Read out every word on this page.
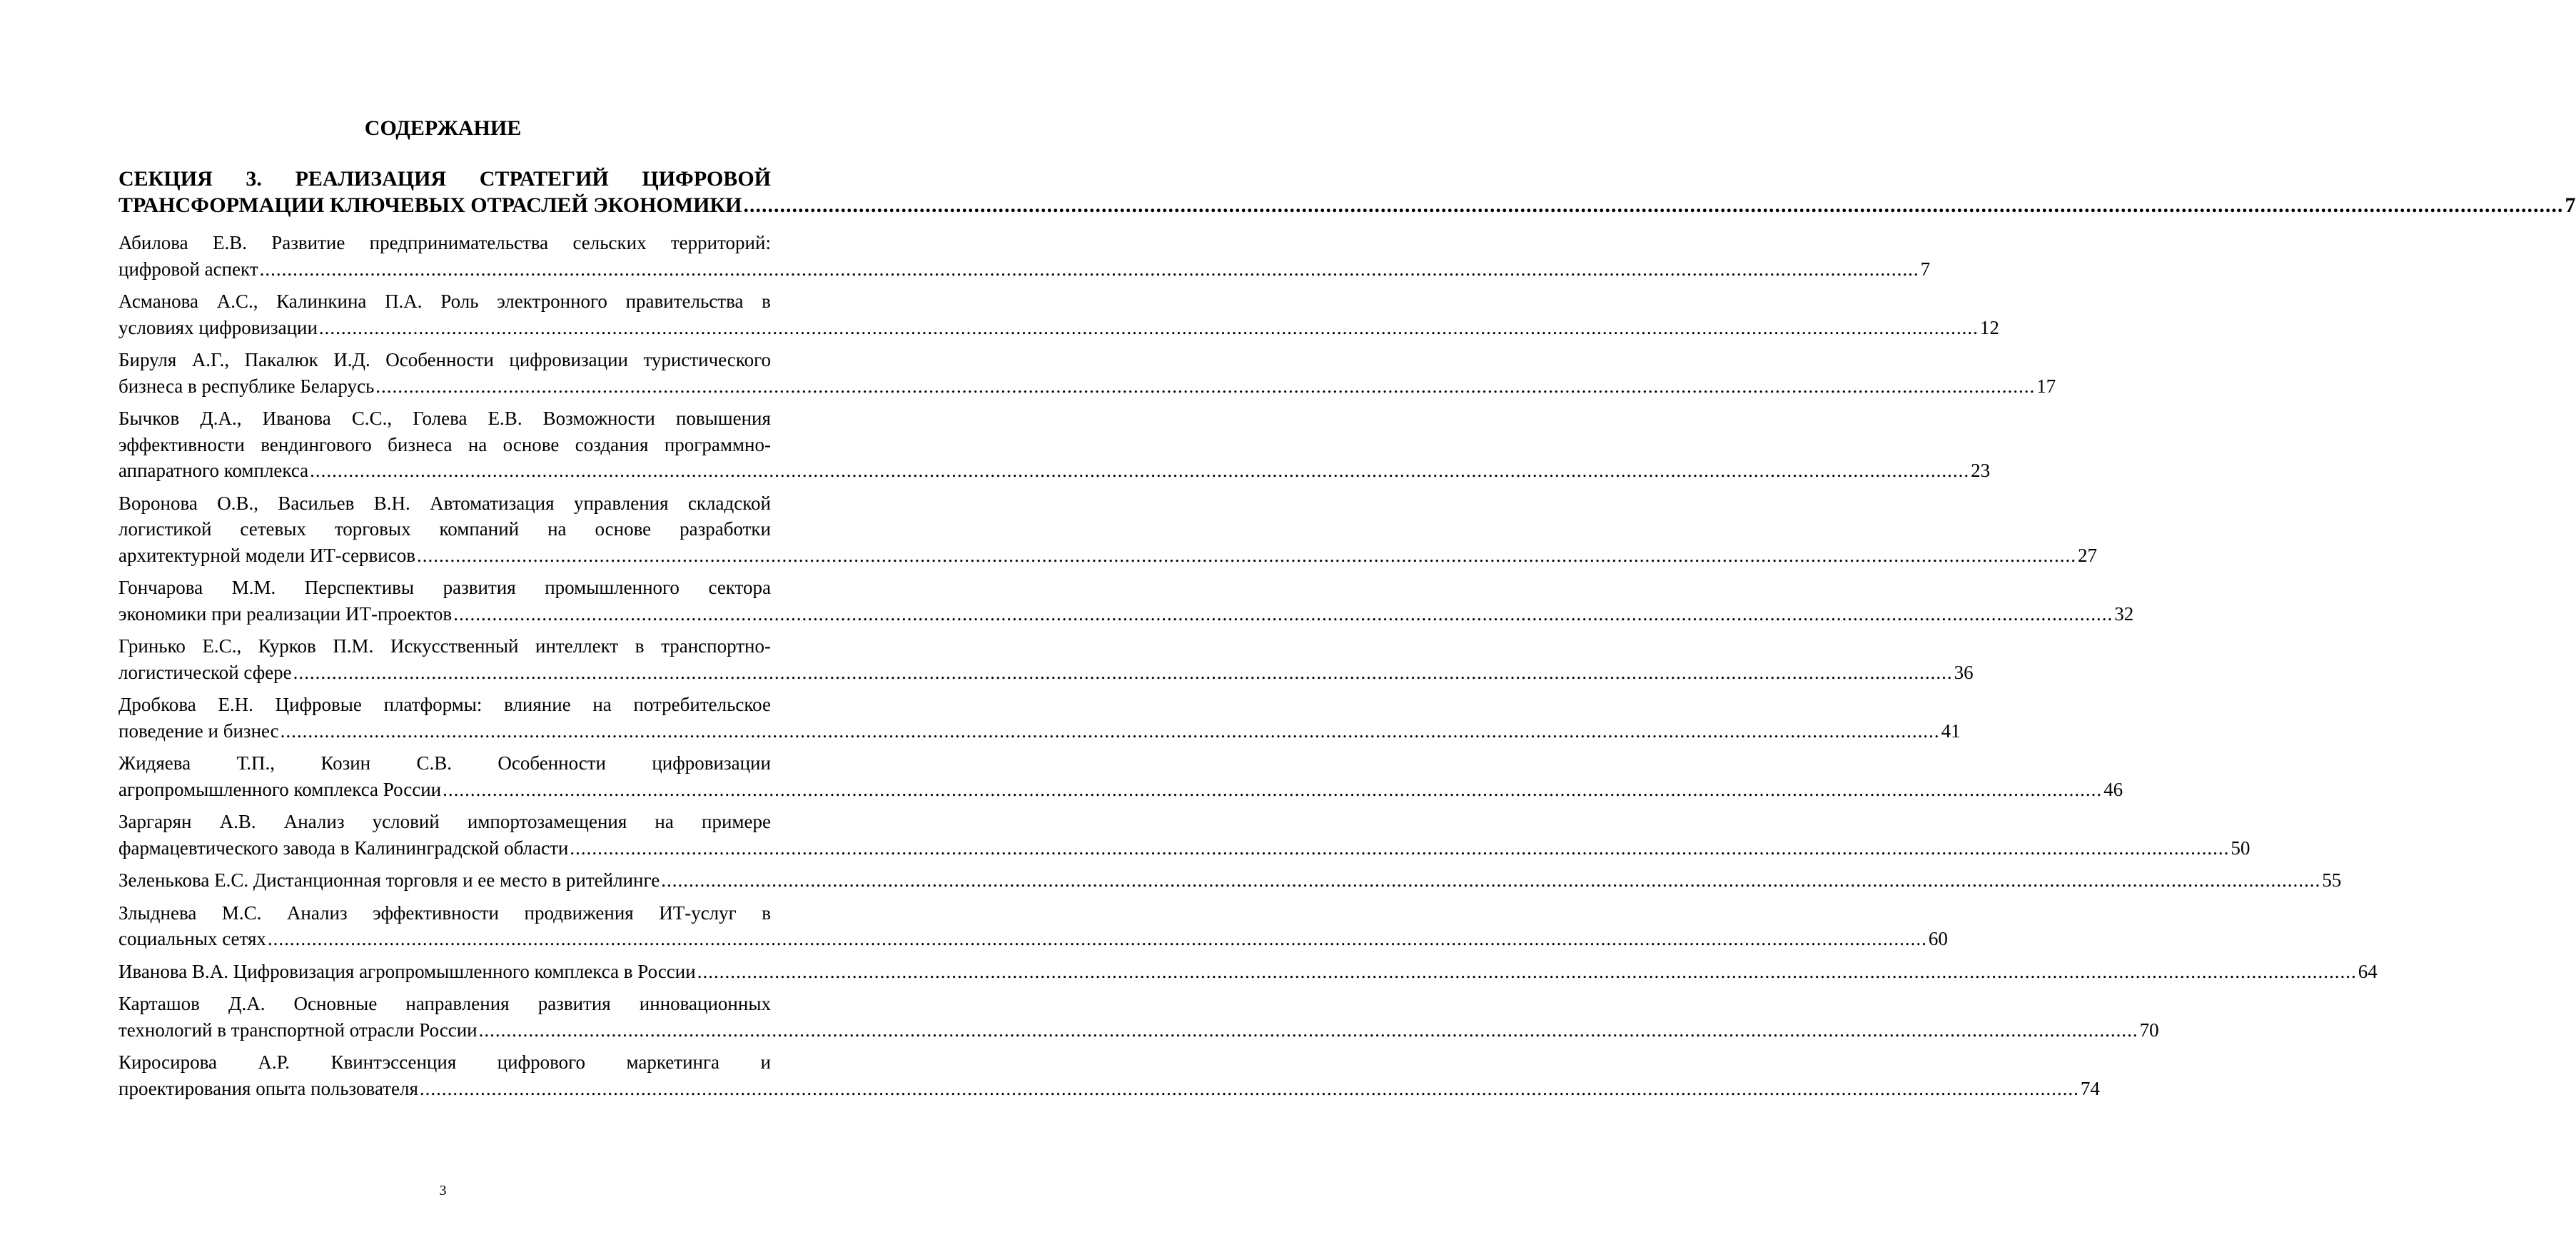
СОДЕРЖАНИЕ
СЕКЦИЯ 3. РЕАЛИЗАЦИЯ СТРАТЕГИЙ ЦИФРОВОЙ
ТРАНСФОРМАЦИИ КЛЮЧЕВЫХ ОТРАСЛЕЙ ЭКОНОМИКИ ............................................................................................................................................................................................................................................................................................................ 7
Абилова Е.В. Развитие предпринимательства сельских территорий:
цифровой аспект ............................................................................................................................................................................................................................................................................................................ 7
Асманова А.С., Калинкина П.А. Роль электронного правительства в
условиях цифровизации ............................................................................................................................................................................................................................................................................................................ 12
Бируля А.Г., Пакалюк И.Д. Особенности цифровизации туристического
бизнеса в республике Беларусь ............................................................................................................................................................................................................................................................................................................ 17
Бычков Д.А., Иванова С.С., Голева Е.В. Возможности повышения
эффективности вендингового бизнеса на основе создания программно-
аппаратного комплекса ............................................................................................................................................................................................................................................................................................................ 23
Воронова О.В., Васильев В.Н. Автоматизация управления складской
логистикой сетевых торговых компаний на основе разработки
архитектурной модели ИТ-сервисов ............................................................................................................................................................................................................................................................................................................ 27
Гончарова М.М. Перспективы развития промышленного сектора
экономики при реализации ИТ-проектов ............................................................................................................................................................................................................................................................................................................ 32
Гринько Е.С., Курков П.М. Искусственный интеллект в транспортно-
логистической сфере ............................................................................................................................................................................................................................................................................................................ 36
Дробкова Е.Н. Цифровые платформы: влияние на потребительское
поведение и бизнес ............................................................................................................................................................................................................................................................................................................ 41
Жидяева Т.П., Козин С.В. Особенности цифровизации
агропромышленного комплекса России ............................................................................................................................................................................................................................................................................................................ 46
Заргарян А.В. Анализ условий импортозамещения на примере
фармацевтического завода в Калининградской области ............................................................................................................................................................................................................................................................................................................ 50
Зеленькова Е.С. Дистанционная торговля и ее место в ритейлинге ............................................................................................................................................................................................................................................................................................................ 55
Злыднева М.С. Анализ эффективности продвижения ИТ-услуг в
социальных сетях ............................................................................................................................................................................................................................................................................................................ 60
Иванова В.А. Цифровизация агропромышленного комплекса в России ............................................................................................................................................................................................................................................................................................................ 64
Карташов Д.А. Основные направления развития инновационных
технологий в транспортной отрасли России ............................................................................................................................................................................................................................................................................................................ 70
Киросирова А.Р. Квинтэссенция цифрового маркетинга и
проектирования опыта пользователя ............................................................................................................................................................................................................................................................................................................ 74
3
